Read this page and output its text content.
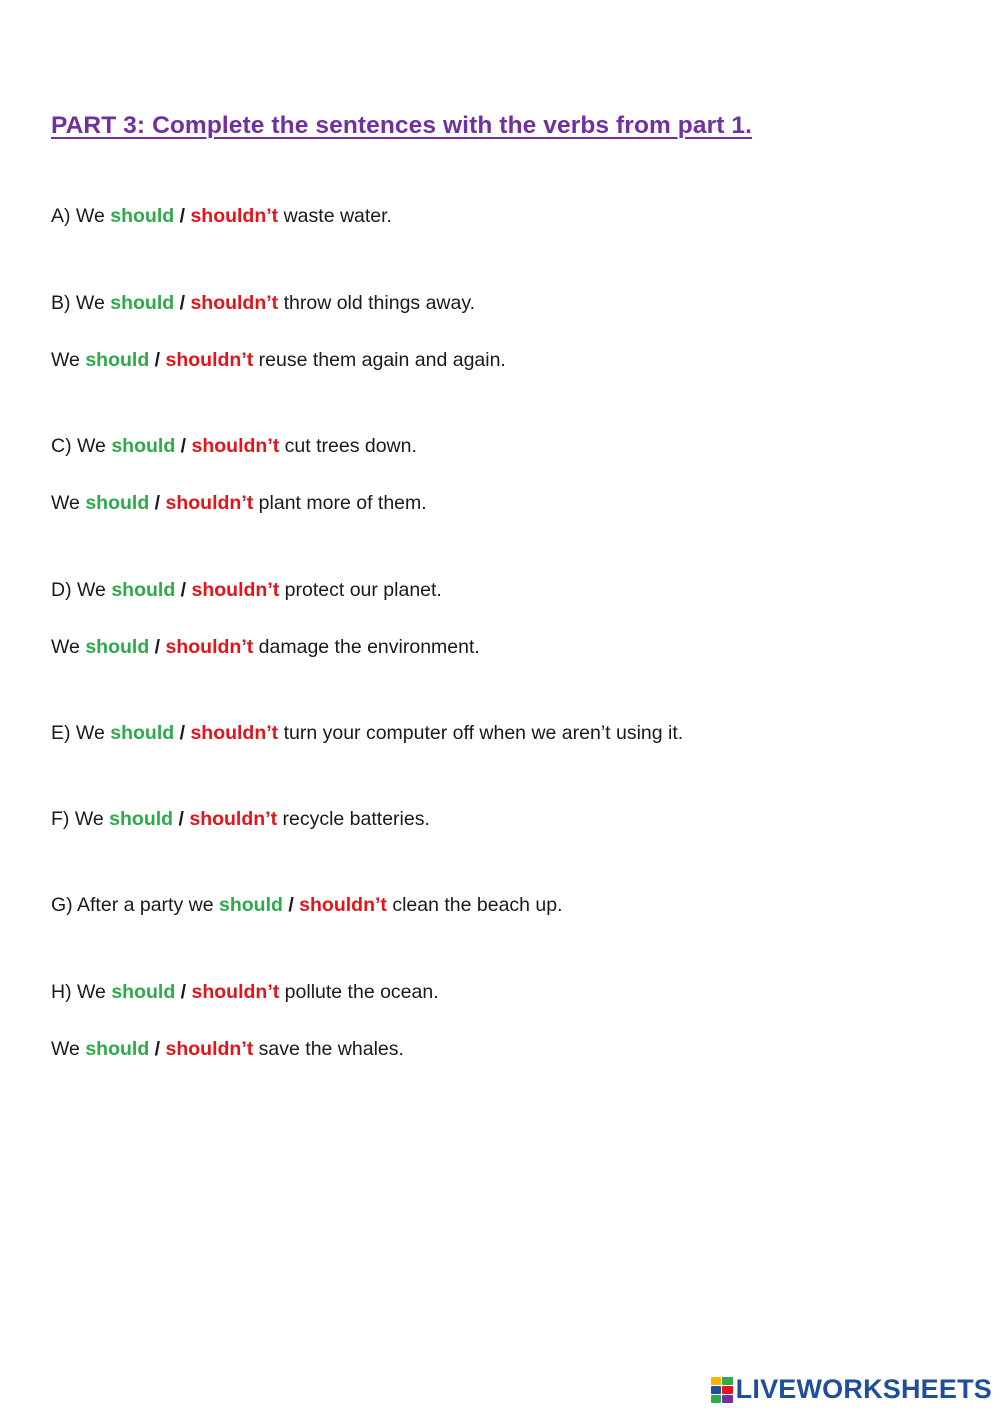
PART 3: Complete the sentences with the verbs from part 1.
A) We should / shouldn’t waste water.
B) We should / shouldn’t throw old things away.
We should / shouldn’t reuse them again and again.
C) We should / shouldn’t cut trees down.
We should / shouldn’t plant more of them.
D) We should / shouldn’t protect our planet.
We should / shouldn’t damage the environment.
E) We should / shouldn’t turn your computer off when we aren’t using it.
F) We should / shouldn’t recycle batteries.
G) After a party we should / shouldn’t clean the beach up.
H) We should / shouldn’t pollute the ocean.
We should / shouldn’t save the whales.
LIVEWORKSHEETS
